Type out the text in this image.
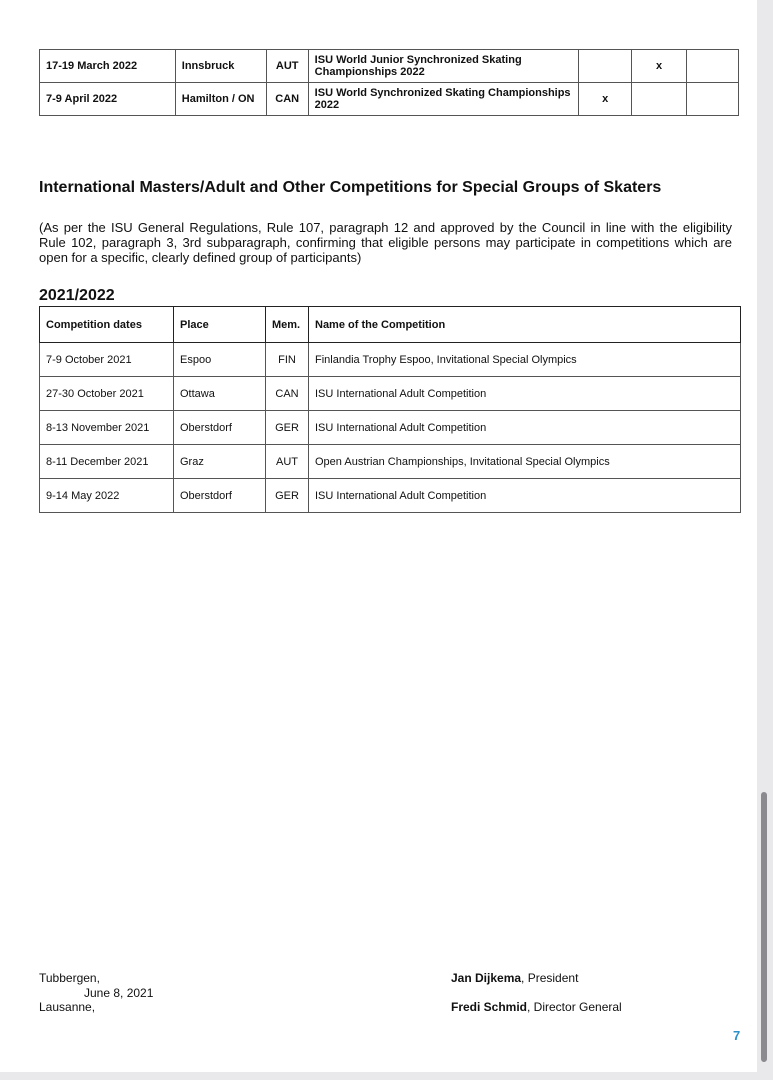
17-19 March 2022	Innsbruck	AUT	ISU World Junior Synchronized Skating Championships 2022		x	
7-9 April 2022	Hamilton / ON	CAN	ISU World Synchronized Skating Championships 2022	x		
International Masters/Adult and Other Competitions for Special Groups of Skaters
(As per the ISU General Regulations, Rule 107, paragraph 12 and approved by the Council in line with the eligibility Rule 102, paragraph 3, 3rd subparagraph, confirming that eligible persons may participate in competitions which are open for a specific, clearly defined group of participants)
2021/2022
Competition dates	Place	Mem.	Name of the Competition
7-9 October 2021	Espoo	FIN	Finlandia Trophy Espoo, Invitational Special Olympics
27-30 October 2021	Ottawa	CAN	ISU International Adult Competition
8-13 November 2021	Oberstdorf	GER	ISU International Adult Competition
8-11 December 2021	Graz	AUT	Open Austrian Championships, Invitational Special Olympics
9-14 May 2022	Oberstdorf	GER	ISU International Adult Competition
Tubbergen,
June 8, 2021
Lausanne,
Jan Dijkema, President
Fredi Schmid, Director General
7
